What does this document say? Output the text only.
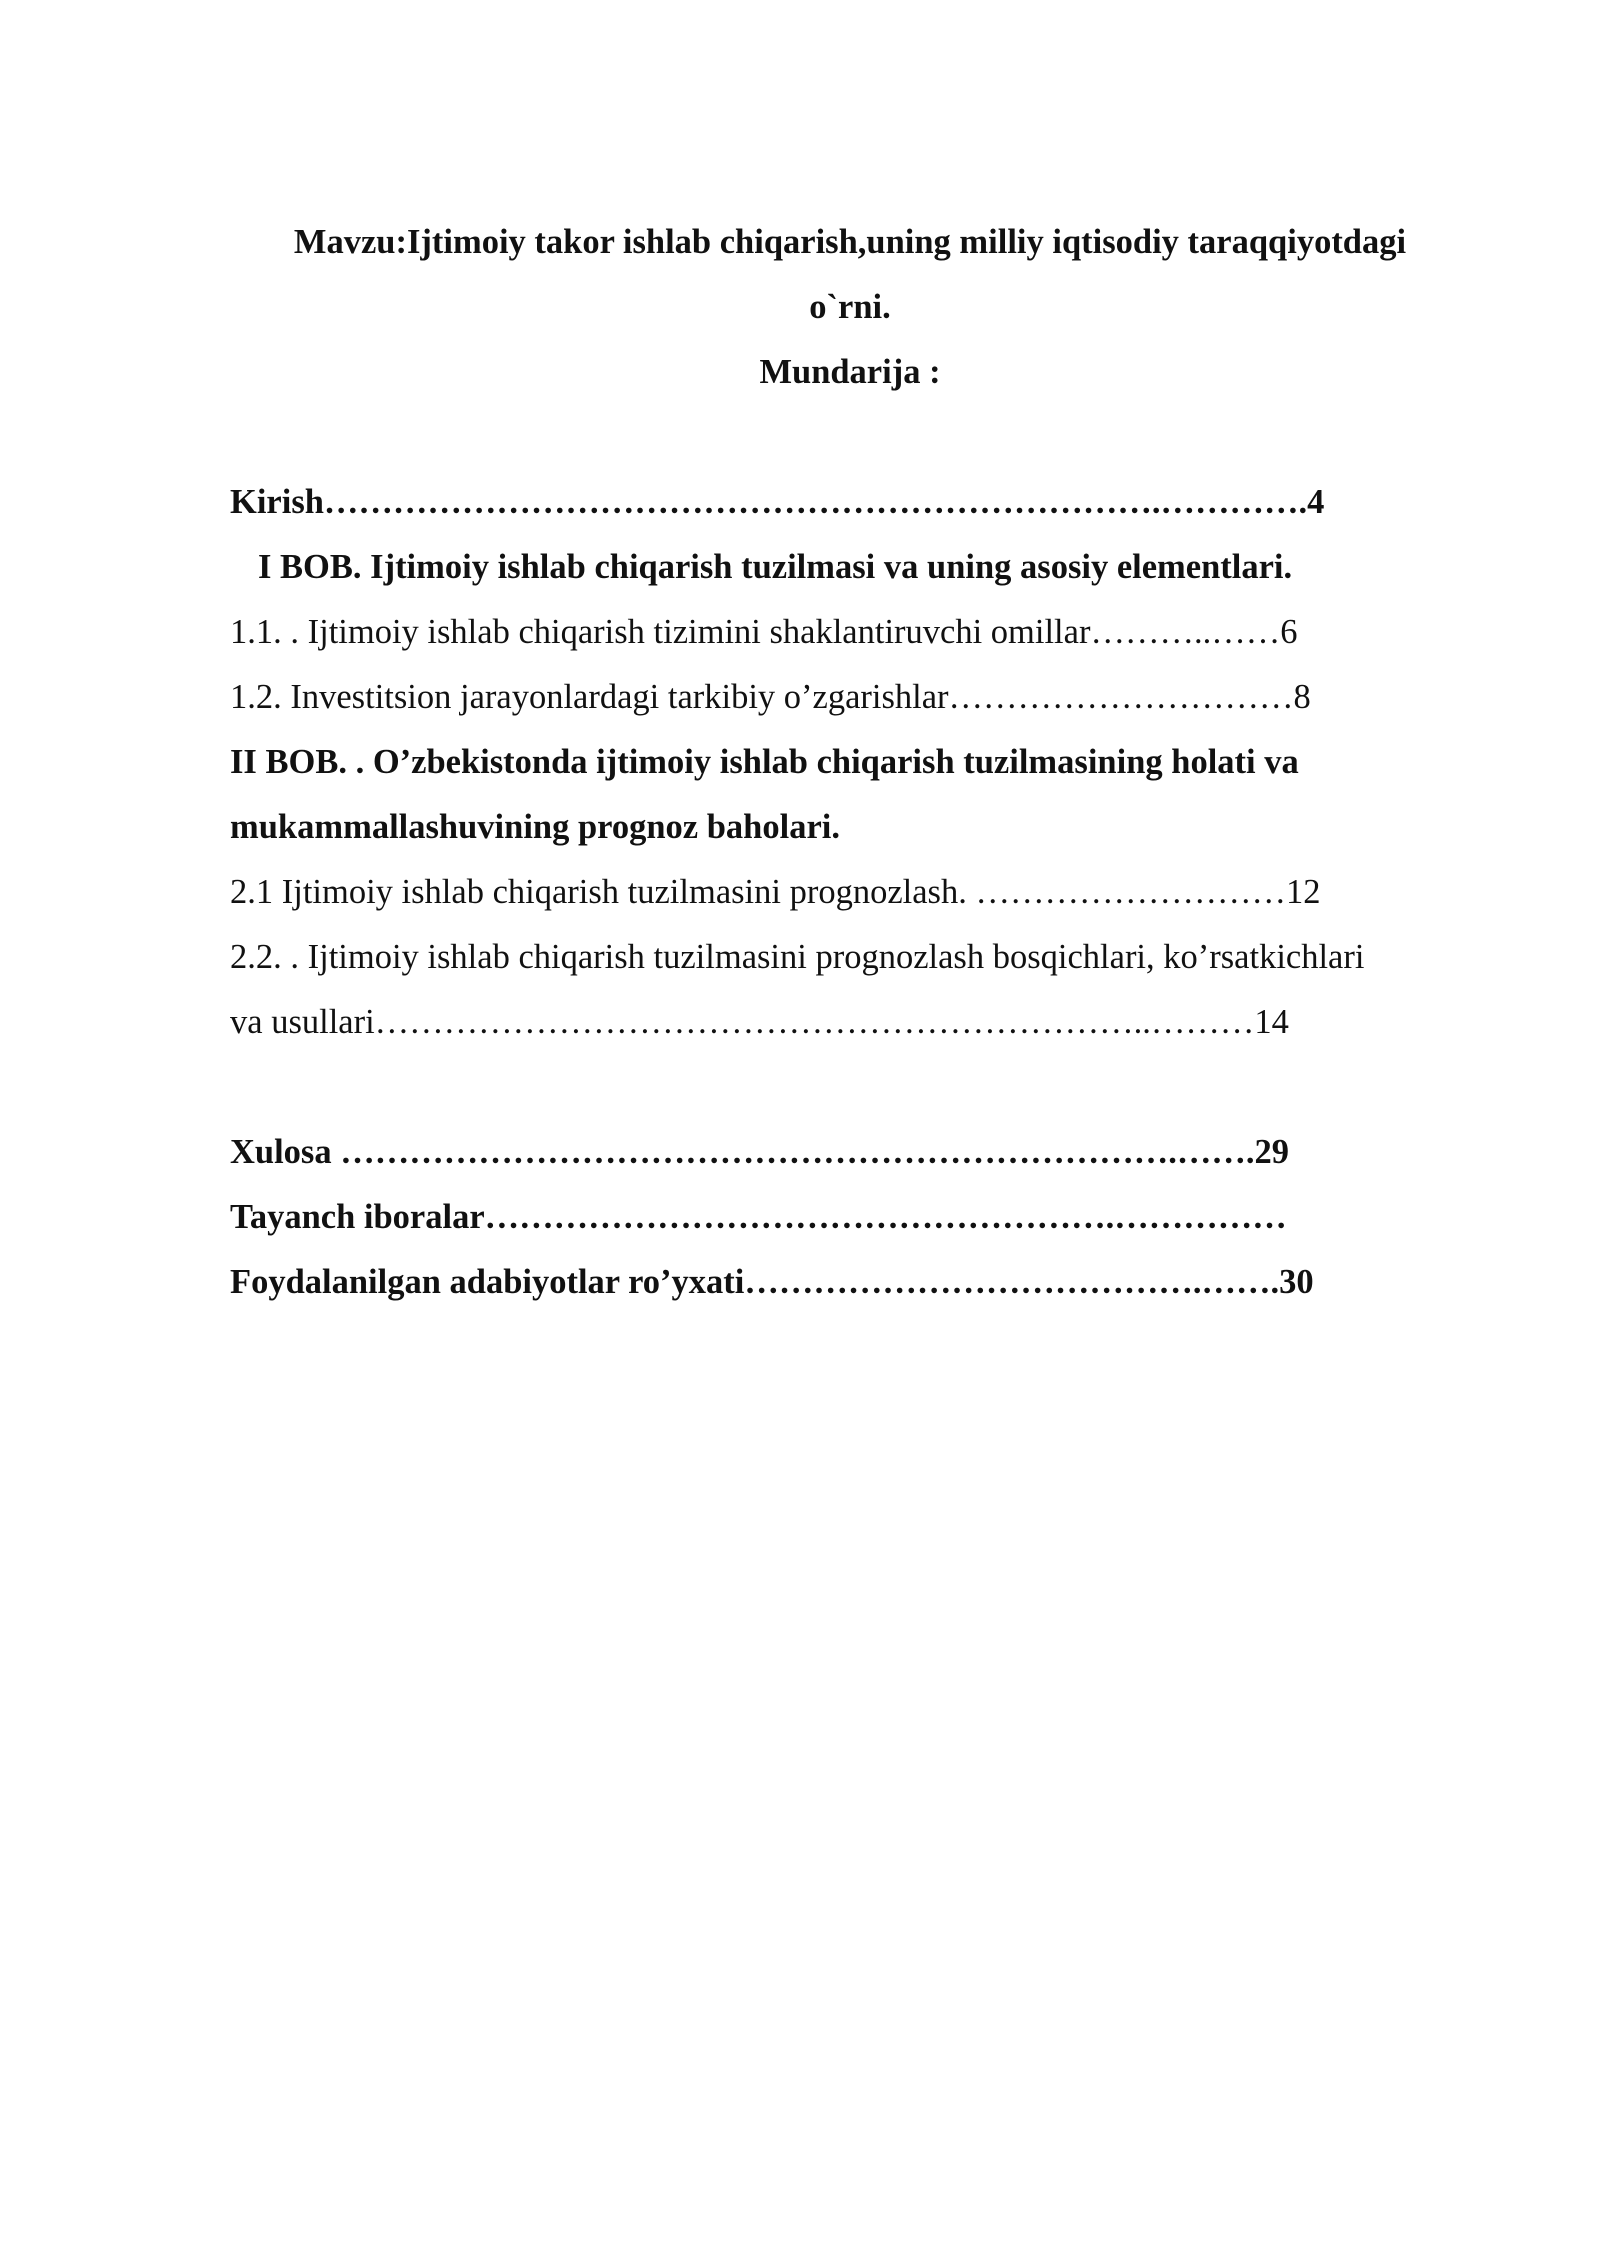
Mavzu:Ijtimoiy takor ishlab chiqarish,uning milliy iqtisodiy taraqqiyotdagi
o`rni.
Mundarija :
Kirish……………………………………………………………….………….4
I BOB. Ijtimoiy ishlab chiqarish tuzilmasi va uning asosiy elementlari.
1.1. . Ijtimoiy ishlab chiqarish tizimini shaklantiruvchi omillar………..……6
1.2. Investitsion jarayonlardagi tarkibiy o’zgarishlar…………………………8
II BOB. . O’zbekistonda ijtimoiy ishlab chiqarish tuzilmasining holati va
mukammallashuvining prognoz baholari.
2.1 Ijtimoiy ishlab chiqarish tuzilmasini prognozlash. ………………………12
2.2. . Ijtimoiy ishlab chiqarish tuzilmasini prognozlash bosqichlari, ko’rsatkichlari
va usullari…………………………………………………………..………14
Xulosa ……………………………………………………………….…….29
Tayanch iboralar……………………………………………….……………
Foydalanilgan adabiyotlar ro’yxati………………………………….…….30
